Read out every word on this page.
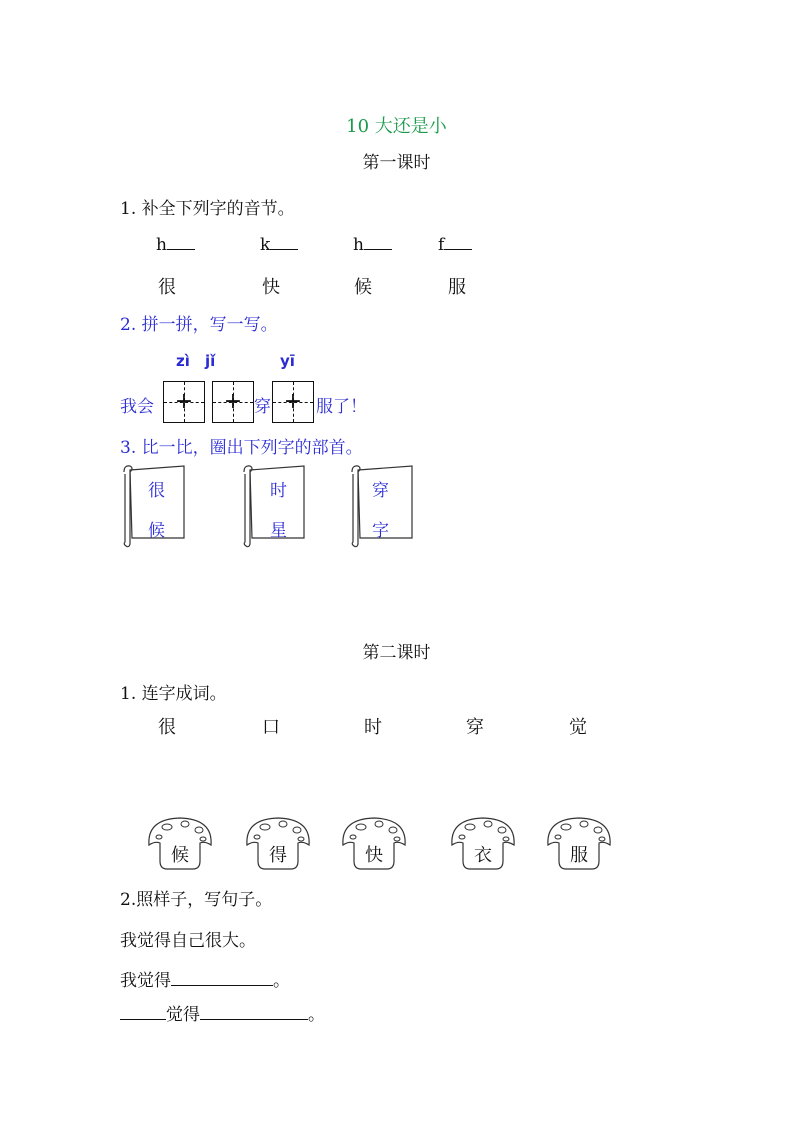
10 大还是小
第一课时
1. 补全下列字的音节。
h	k	h	f
很	快	候	服
2. 拼一拼，写一写。
zì jǐ	yī
我会 +	+ 穿 + 服了！
3. 比一比，圈出下列字的部首。
很
候
时
星
穿
字
第二课时
1. 连字成词。
很	口	时	穿	觉
候	得	快	衣	服
2.照样子，写句子。
我觉得自己很大。
我觉得	。
觉得	。
